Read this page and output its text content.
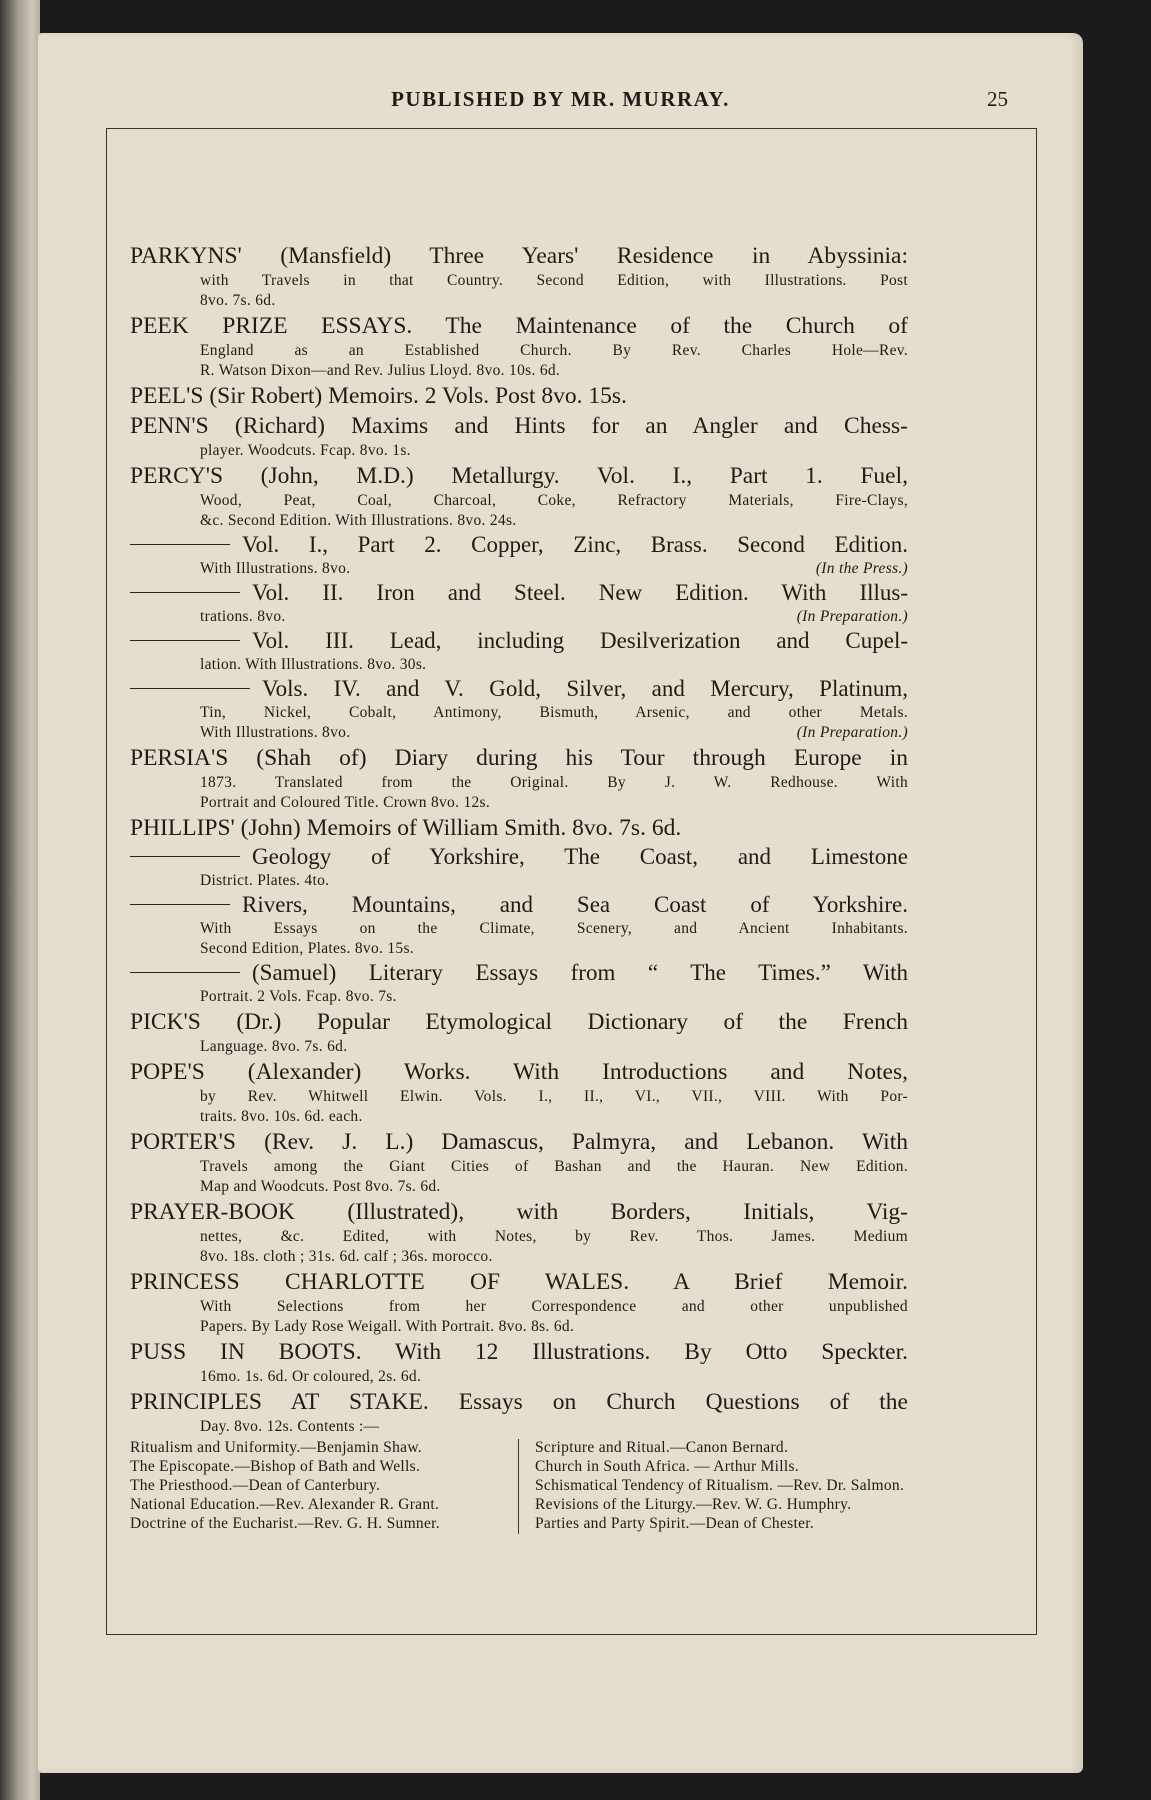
PUBLISHED BY MR. MURRAY.	25
PARKYNS' (Mansfield) Three Years' Residence in Abyssinia:
with Travels in that Country. Second Edition, with Illustrations. Post
8vo. 7s. 6d.
PEEK PRIZE ESSAYS. The Maintenance of the Church of
England as an Established Church. By Rev. Charles Hole—Rev.
R. Watson Dixon—and Rev. Julius Lloyd. 8vo. 10s. 6d.
PEEL'S (Sir Robert) Memoirs. 2 Vols. Post 8vo. 15s.
PENN'S (Richard) Maxims and Hints for an Angler and Chess-
player. Woodcuts. Fcap. 8vo. 1s.
PERCY'S (John, M.D.) Metallurgy. Vol. I., Part 1. Fuel,
Wood, Peat, Coal, Charcoal, Coke, Refractory Materials, Fire-Clays,
&c. Second Edition. With Illustrations. 8vo. 24s.
Vol. I., Part 2. Copper, Zinc, Brass. Second Edition.
With Illustrations. 8vo.	(In the Press.)
Vol. II. Iron and Steel. New Edition. With Illus-
trations. 8vo.	(In Preparation.)
Vol. III. Lead, including Desilverization and Cupel-
lation. With Illustrations. 8vo. 30s.
Vols. IV. and V. Gold, Silver, and Mercury, Platinum,
Tin, Nickel, Cobalt, Antimony, Bismuth, Arsenic, and other Metals.
With Illustrations. 8vo.	(In Preparation.)
PERSIA'S (Shah of) Diary during his Tour through Europe in
1873. Translated from the Original. By J. W. Redhouse. With
Portrait and Coloured Title. Crown 8vo. 12s.
PHILLIPS' (John) Memoirs of William Smith. 8vo. 7s. 6d.
Geology of Yorkshire, The Coast, and Limestone
District. Plates. 4to.
Rivers, Mountains, and Sea Coast of Yorkshire.
With Essays on the Climate, Scenery, and Ancient Inhabitants.
Second Edition, Plates. 8vo. 15s.
(Samuel) Literary Essays from “ The Times.” With
Portrait. 2 Vols. Fcap. 8vo. 7s.
PICK'S (Dr.) Popular Etymological Dictionary of the French
Language. 8vo. 7s. 6d.
POPE'S (Alexander) Works. With Introductions and Notes,
by Rev. Whitwell Elwin. Vols. I., II., VI., VII., VIII. With Por-
traits. 8vo. 10s. 6d. each.
PORTER'S (Rev. J. L.) Damascus, Palmyra, and Lebanon. With
Travels among the Giant Cities of Bashan and the Hauran. New Edition.
Map and Woodcuts. Post 8vo. 7s. 6d.
PRAYER-BOOK (Illustrated), with Borders, Initials, Vig-
nettes, &c. Edited, with Notes, by Rev. Thos. James. Medium
8vo. 18s. cloth ; 31s. 6d. calf ; 36s. morocco.
PRINCESS CHARLOTTE OF WALES. A Brief Memoir.
With Selections from her Correspondence and other unpublished
Papers. By Lady Rose Weigall. With Portrait. 8vo. 8s. 6d.
PUSS IN BOOTS. With 12 Illustrations. By Otto Speckter.
16mo. 1s. 6d. Or coloured, 2s. 6d.
PRINCIPLES AT STAKE. Essays on Church Questions of the
Day. 8vo. 12s. Contents :—
Ritualism and Uniformity.—Benjamin Shaw.
The Episcopate.—Bishop of Bath and Wells.
The Priesthood.—Dean of Canterbury.
National Education.—Rev. Alexander R. Grant.
Doctrine of the Eucharist.—Rev. G. H. Sumner.
Scripture and Ritual.—Canon Bernard.
Church in South Africa. — Arthur Mills.
Schismatical Tendency of Ritualism. —Rev. Dr. Salmon.
Revisions of the Liturgy.—Rev. W. G. Humphry.
Parties and Party Spirit.—Dean of Chester.
